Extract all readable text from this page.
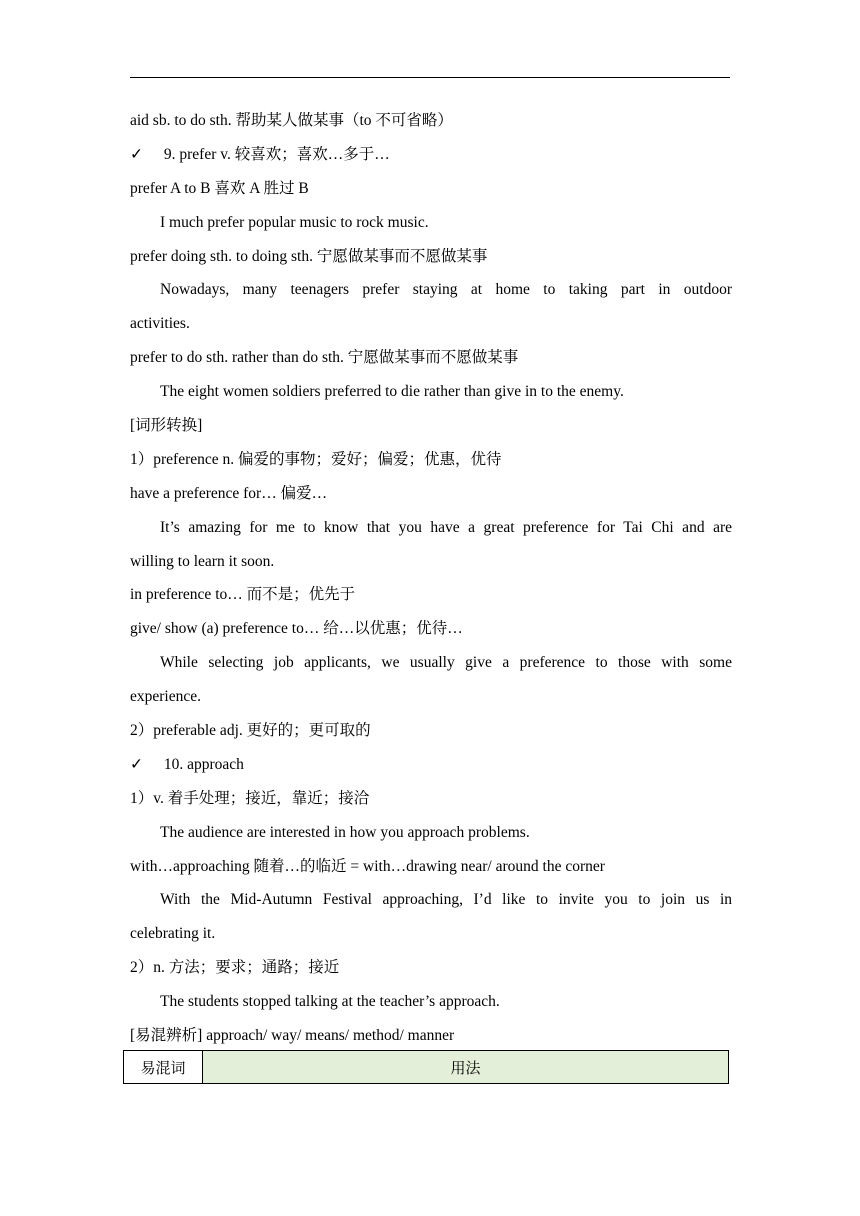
aid sb. to do sth. 帮助某人做某事（to 不可省略）
✓ 9. prefer v. 较喜欢；喜欢…多于…
prefer A to B 喜欢 A 胜过 B
I much prefer popular music to rock music.
prefer doing sth. to doing sth. 宁愿做某事而不愿做某事
Nowadays, many teenagers prefer staying at home to taking part in outdoor
activities.
prefer to do sth. rather than do sth. 宁愿做某事而不愿做某事
The eight women soldiers preferred to die rather than give in to the enemy.
[词形转换]
1）preference n. 偏爱的事物；爱好；偏爱；优惠，优待
have a preference for… 偏爱…
It’s amazing for me to know that you have a great preference for Tai Chi and are
willing to learn it soon.
in preference to… 而不是；优先于
give/ show (a) preference to… 给…以优惠；优待…
While selecting job applicants, we usually give a preference to those with some
experience.
2）preferable adj. 更好的；更可取的
✓ 10. approach
1）v. 着手处理；接近，靠近；接洽
The audience are interested in how you approach problems.
with…approaching 随着…的临近 = with…drawing near/ around the corner
With the Mid-Autumn Festival approaching, I’d like to invite you to join us in
celebrating it.
2）n. 方法；要求；通路；接近
The students stopped talking at the teacher’s approach.
[易混辨析] approach/ way/ means/ method/ manner
易混词	用法
